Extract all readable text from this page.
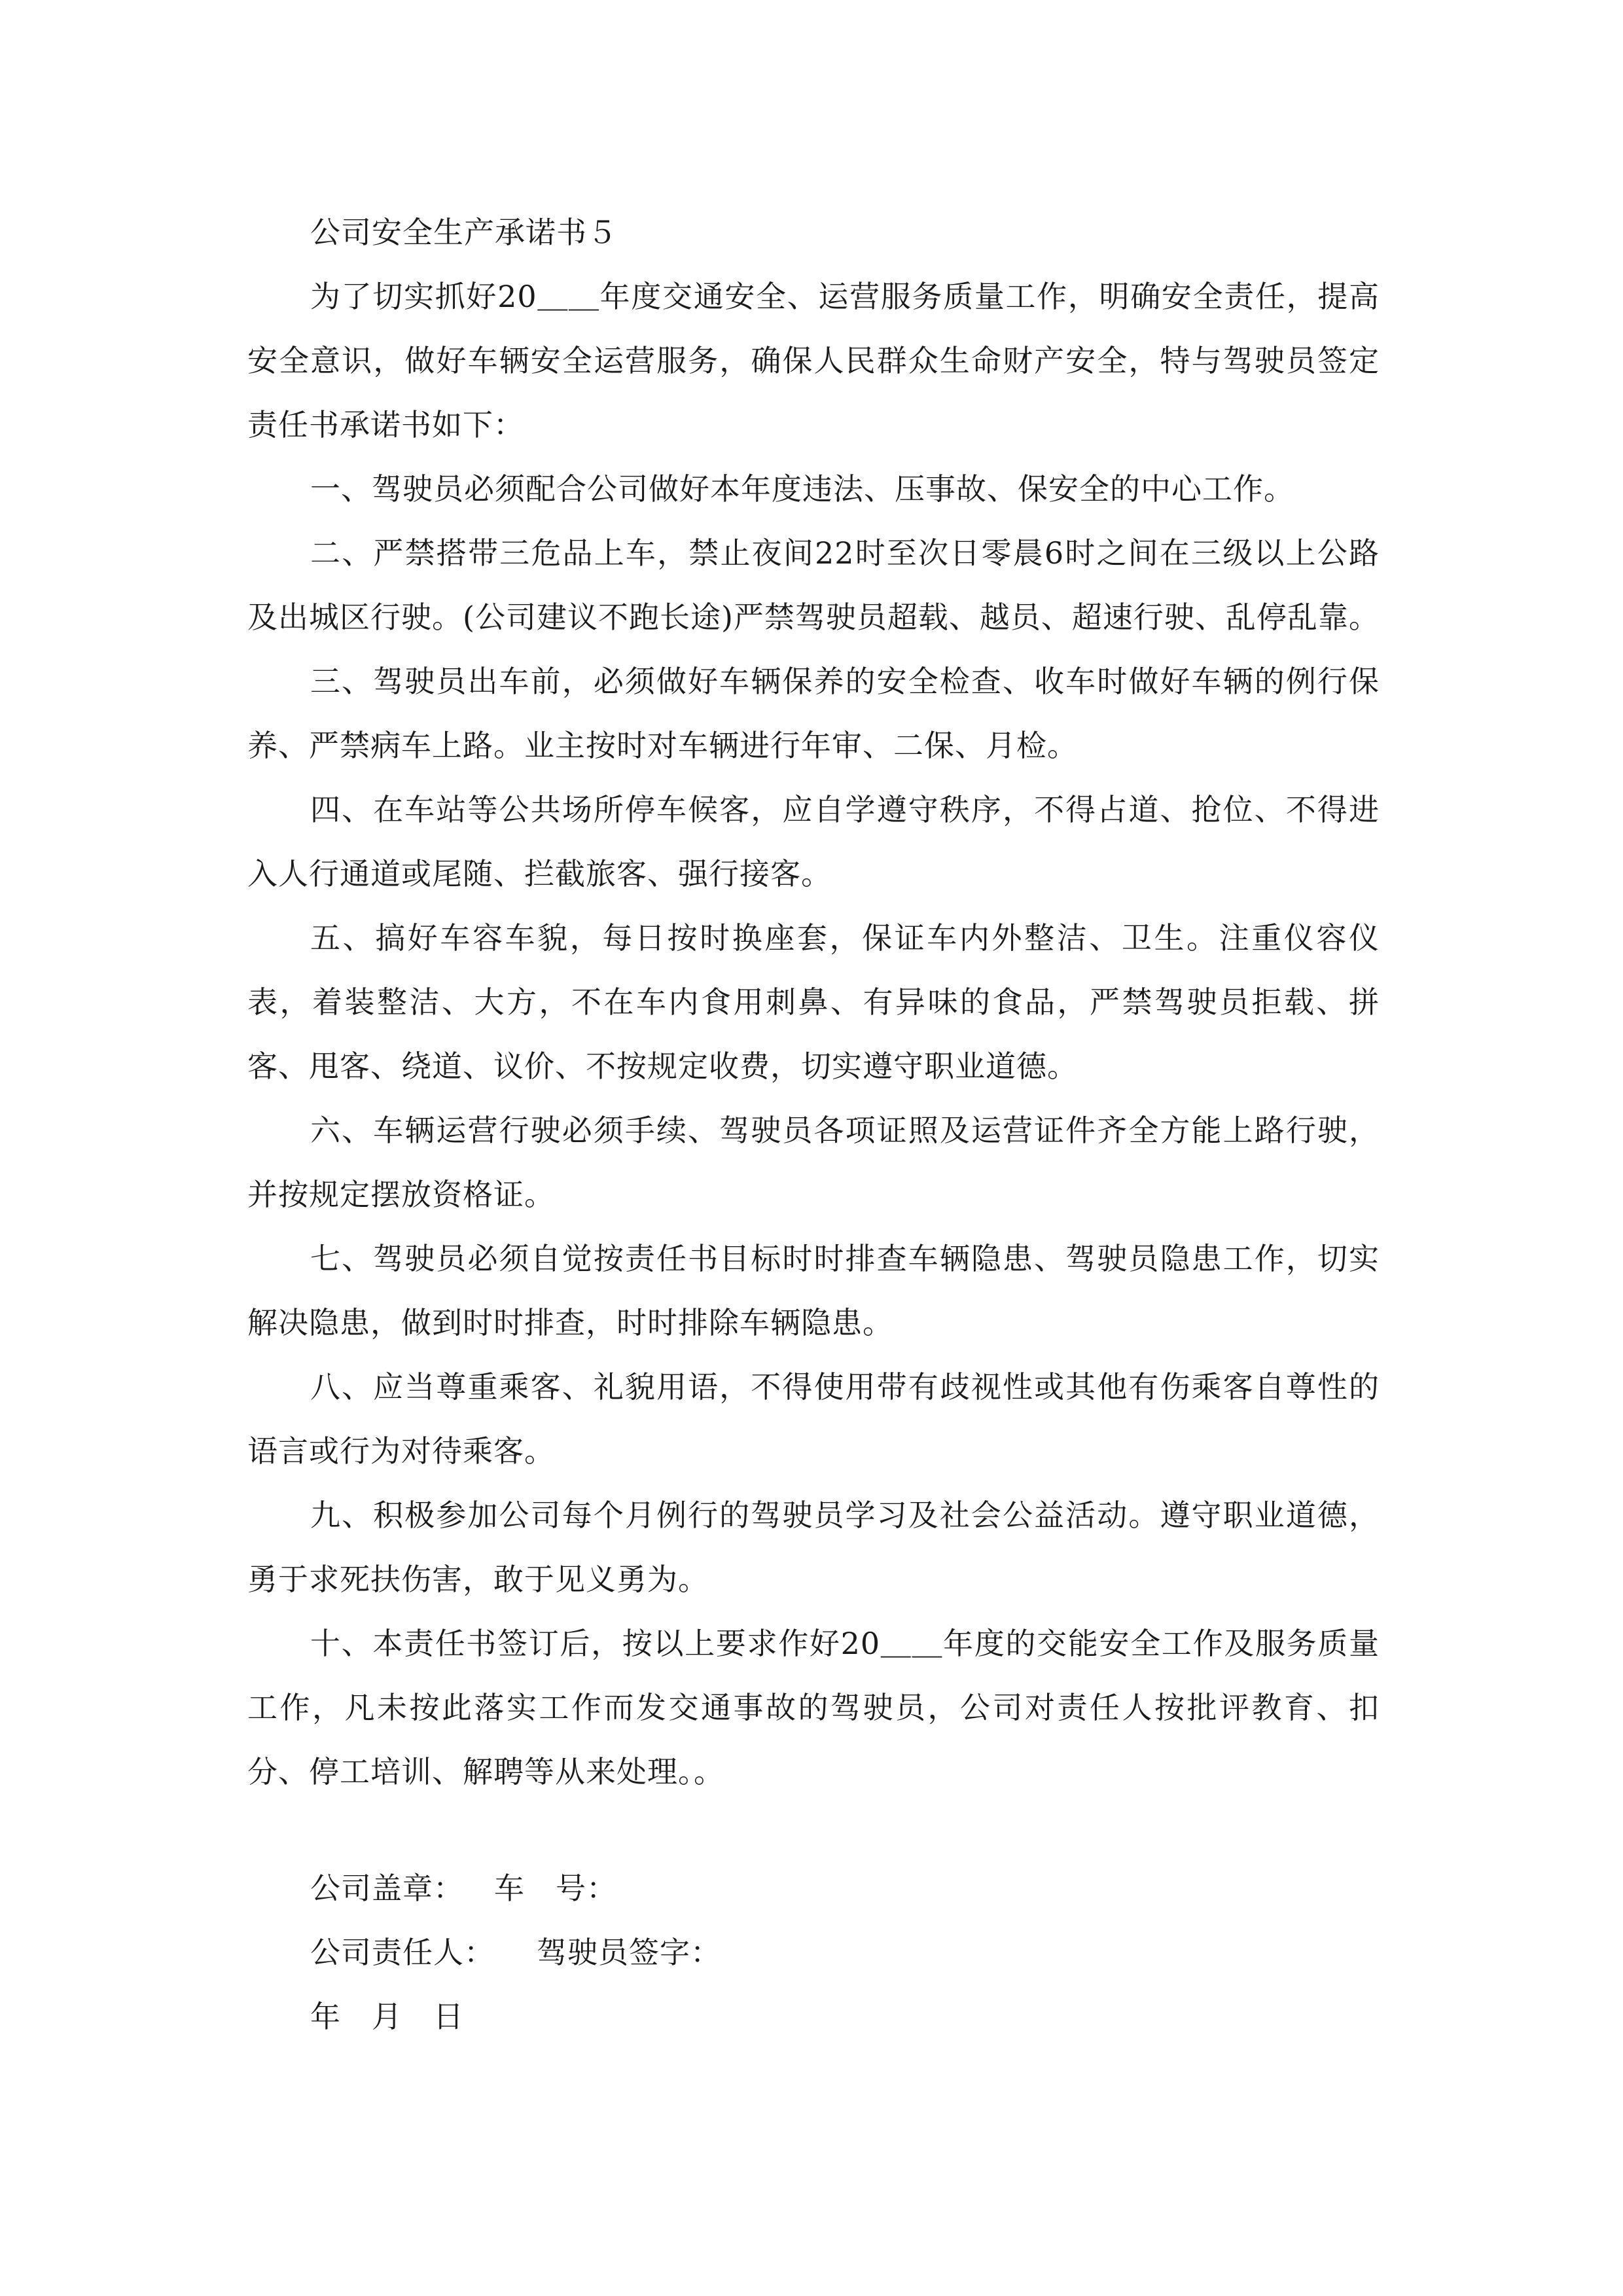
公司安全生产承诺书５

为了切实抓好20＿＿年度交通安全、运营服务质量工作，明确安全责任，提高安全意识，做好车辆安全运营服务，确保人民群众生命财产安全，特与驾驶员签定责任书承诺书如下：

一、驾驶员必须配合公司做好本年度违法、压事故、保安全的中心工作。

二、严禁搭带三危品上车，禁止夜间22时至次日零晨6时之间在三级以上公路及出城区行驶。(公司建议不跑长途)严禁驾驶员超载、越员、超速行驶、乱停乱靠。

三、驾驶员出车前，必须做好车辆保养的安全检查、收车时做好车辆的例行保养、严禁病车上路。业主按时对车辆进行年审、二保、月检。

四、在车站等公共场所停车候客，应自学遵守秩序，不得占道、抢位、不得进入人行通道或尾随、拦截旅客、强行接客。

五、搞好车容车貌，每日按时换座套，保证车内外整洁、卫生。注重仪容仪表，着装整洁、大方，不在车内食用刺鼻、有异味的食品，严禁驾驶员拒载、拼客、甩客、绕道、议价、不按规定收费，切实遵守职业道德。

六、车辆运营行驶必须手续、驾驶员各项证照及运营证件齐全方能上路行驶，并按规定摆放资格证。

七、驾驶员必须自觉按责任书目标时时排查车辆隐患、驾驶员隐患工作，切实解决隐患，做到时时排查，时时排除车辆隐患。

八、应当尊重乘客、礼貌用语，不得使用带有歧视性或其他有伤乘客自尊性的语言或行为对待乘客。

九、积极参加公司每个月例行的驾驶员学习及社会公益活动。遵守职业道德，勇于求死扶伤害，敢于见义勇为。

十、本责任书签订后，按以上要求作好20＿＿年度的交能安全工作及服务质量工作，凡未按此落实工作而发交通事故的驾驶员，公司对责任人按批评教育、扣分、停工培训、解聘等从来处理。。

公司盖章： 车　号：
公司责任人： 驾驶员签字：
年　月　日
